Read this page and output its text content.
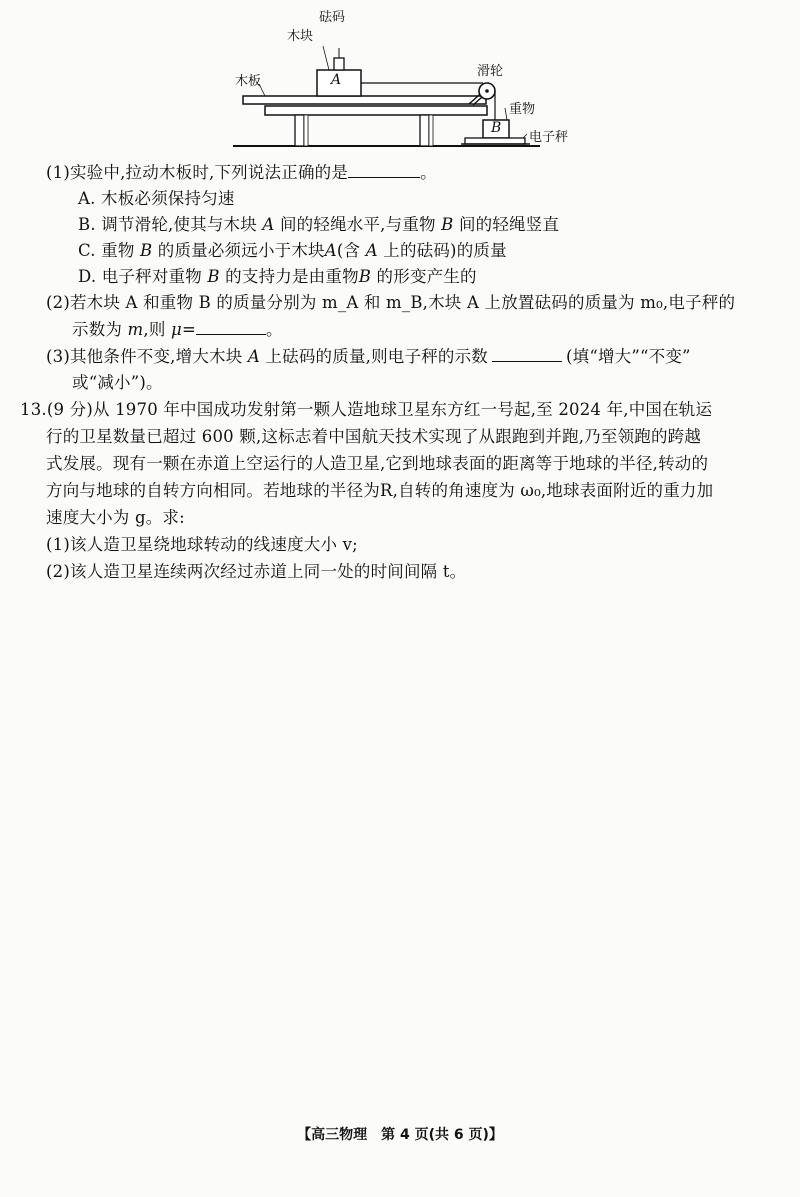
砝码
木块
A
木板
滑轮
重物
B
电子秤
(1)实验中,拉动木板时,下列说法正确的是	。
A. 木板必须保持匀速
B. 调节滑轮,使其与木块 A 间的轻绳水平,与重物 B 间的轻绳竖直
C. 重物 B 的质量必须远小于木块A(含 A 上的砝码)的质量
D. 电子秤对重物 B 的支持力是由重物B 的形变产生的
(2)若木块 A 和重物 B 的质量分别为 m_A 和 m_B,木块 A 上放置砝码的质量为 m₀,电子秤的
示数为 m,则 μ=	。
(3)其他条件不变,增大木块 A 上砝码的质量,则电子秤的示数	(填“增大”“不变”
或“减小”)。
13.(9 分)从 1970 年中国成功发射第一颗人造地球卫星东方红一号起,至 2024 年,中国在轨运
行的卫星数量已超过 600 颗,这标志着中国航天技术实现了从跟跑到并跑,乃至领跑的跨越
式发展。现有一颗在赤道上空运行的人造卫星,它到地球表面的距离等于地球的半径,转动的
方向与地球的自转方向相同。若地球的半径为R,自转的角速度为 ω₀,地球表面附近的重力加
速度大小为 g。求:
(1)该人造卫星绕地球转动的线速度大小 v;
(2)该人造卫星连续两次经过赤道上同一处的时间间隔 t。
【高三物理　第 4 页(共 6 页)】
